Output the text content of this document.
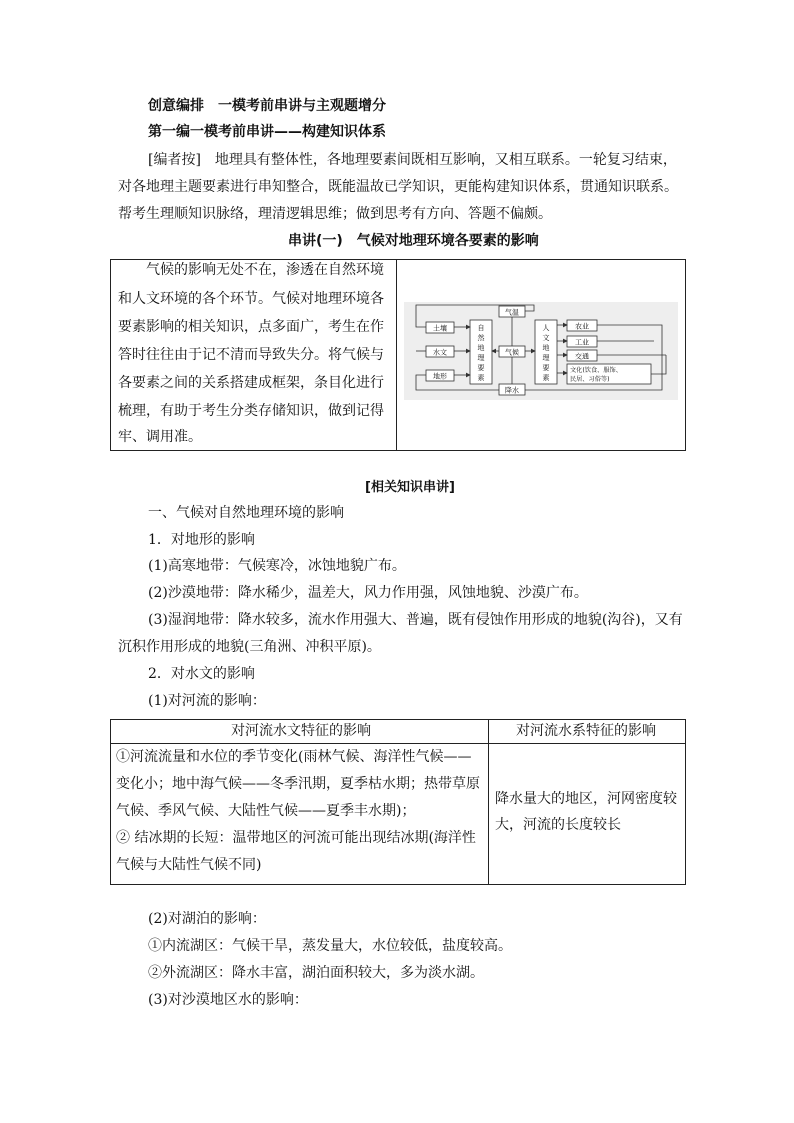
创意编排　一模考前串讲与主观题增分
第一编一模考前串讲——构建知识体系
[编者按]　地理具有整体性，各地理要素间既相互影响，又相互联系。一轮复习结束，
对各地理主题要素进行串知整合，既能温故已学知识，更能构建知识体系，贯通知识联系。
帮考生理顺知识脉络，理清逻辑思维；做到思考有方向、答题不偏颇。
串讲(一)　气候对地理环境各要素的影响
　　气候的影响无处不在，渗透在自然环境
和人文环境的各个环节。气候对地理环境各
要素影响的相关知识，点多面广，考生在作
答时往往由于记不清而导致失分。将气候与
各要素之间的关系搭建成框架，条目化进行
梳理，有助于考生分类存储知识，做到记得
牢、调用准。
土壤
水文
地形
气温
气候
降水
农业
工业
交通
自
然
地
理
要
素
人
文
地
理
要
素
文化(饮食、服饰、
民居、习俗等)
[相关知识串讲]
一、气候对自然地理环境的影响
1．对地形的影响
(1)高寒地带：气候寒冷，冰蚀地貌广布。
(2)沙漠地带：降水稀少，温差大，风力作用强，风蚀地貌、沙漠广布。
(3)湿润地带：降水较多，流水作用强大、普遍，既有侵蚀作用形成的地貌(沟谷)，又有
沉积作用形成的地貌(三角洲、冲积平原)。
2．对水文的影响
(1)对河流的影响：
对河流水文特征的影响	对河流水系特征的影响
①河流流量和水位的季节变化(雨林气候、海洋性气候——
变化小；地中海气候——冬季汛期，夏季枯水期；热带草原
气候、季风气候、大陆性气候——夏季丰水期)；
② 结冰期的长短：温带地区的河流可能出现结冰期(海洋性
气候与大陆性气候不同)
降水量大的地区，河网密度较
大，河流的长度较长
(2)对湖泊的影响：
①内流湖区：气候干旱，蒸发量大，水位较低，盐度较高。
②外流湖区：降水丰富，湖泊面积较大，多为淡水湖。
(3)对沙漠地区水的影响：
